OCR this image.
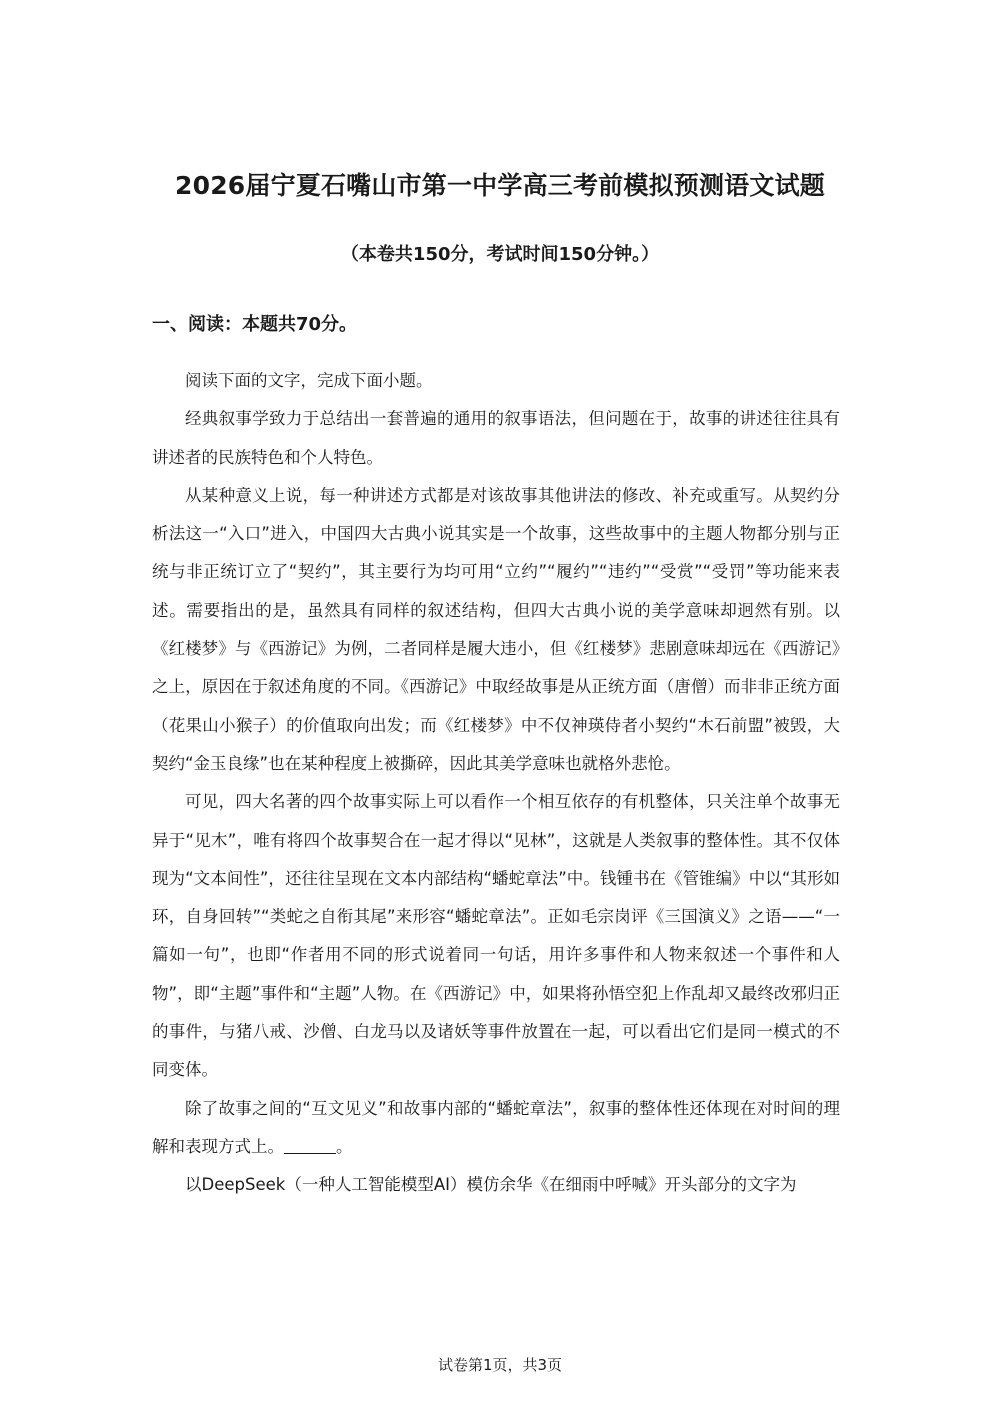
2026届宁夏石嘴山市第一中学高三考前模拟预测语文试题
（本卷共150分，考试时间150分钟。）
一、阅读：本题共70分。

阅读下面的文字，完成下面小题。

经典叙事学致力于总结出一套普遍的通用的叙事语法，但问题在于，故事的讲述往往具有讲述者的民族特色和个人特色。

从某种意义上说，每一种讲述方式都是对该故事其他讲法的修改、补充或重写。从契约分析法这一“入口”进入，中国四大古典小说其实是一个故事，这些故事中的主题人物都分别与正统与非正统订立了“契约”，其主要行为均可用“立约”“履约”“违约”“受赏”“受罚”等功能来表述。需要指出的是，虽然具有同样的叙述结构，但四大古典小说的美学意味却迥然有别。以《红楼梦》与《西游记》为例，二者同样是履大违小，但《红楼梦》悲剧意味却远在《西游记》之上，原因在于叙述角度的不同。《西游记》中取经故事是从正统方面（唐僧）而非非正统方面（花果山小猴子）的价值取向出发；而《红楼梦》中不仅神瑛侍者小契约“木石前盟”被毁，大契约“金玉良缘”也在某种程度上被撕碎，因此其美学意味也就格外悲怆。

可见，四大名著的四个故事实际上可以看作一个相互依存的有机整体，只关注单个故事无异于“见木”，唯有将四个故事契合在一起才得以“见林”，这就是人类叙事的整体性。其不仅体现为“文本间性”，还往往呈现在文本内部结构“蟠蛇章法”中。钱锺书在《管锥编》中以“其形如环，自身回转”“类蛇之自衔其尾”来形容“蟠蛇章法”。正如毛宗岗评《三国演义》之语——“一篇如一句”，也即“作者用不同的形式说着同一句话，用许多事件和人物来叙述一个事件和人物”，即“主题”事件和“主题”人物。在《西游记》中，如果将孙悟空犯上作乱却又最终改邪归正的事件，与猪八戒、沙僧、白龙马以及诸妖等事件放置在一起，可以看出它们是同一模式的不同变体。

除了故事之间的“互文见义”和故事内部的“蟠蛇章法”，叙事的整体性还体现在对时间的理解和表现方式上。	。

以DeepSeek（一种人工智能模型AI）模仿余华《在细雨中呼喊》开头部分的文字为

试卷第1页，共3页
